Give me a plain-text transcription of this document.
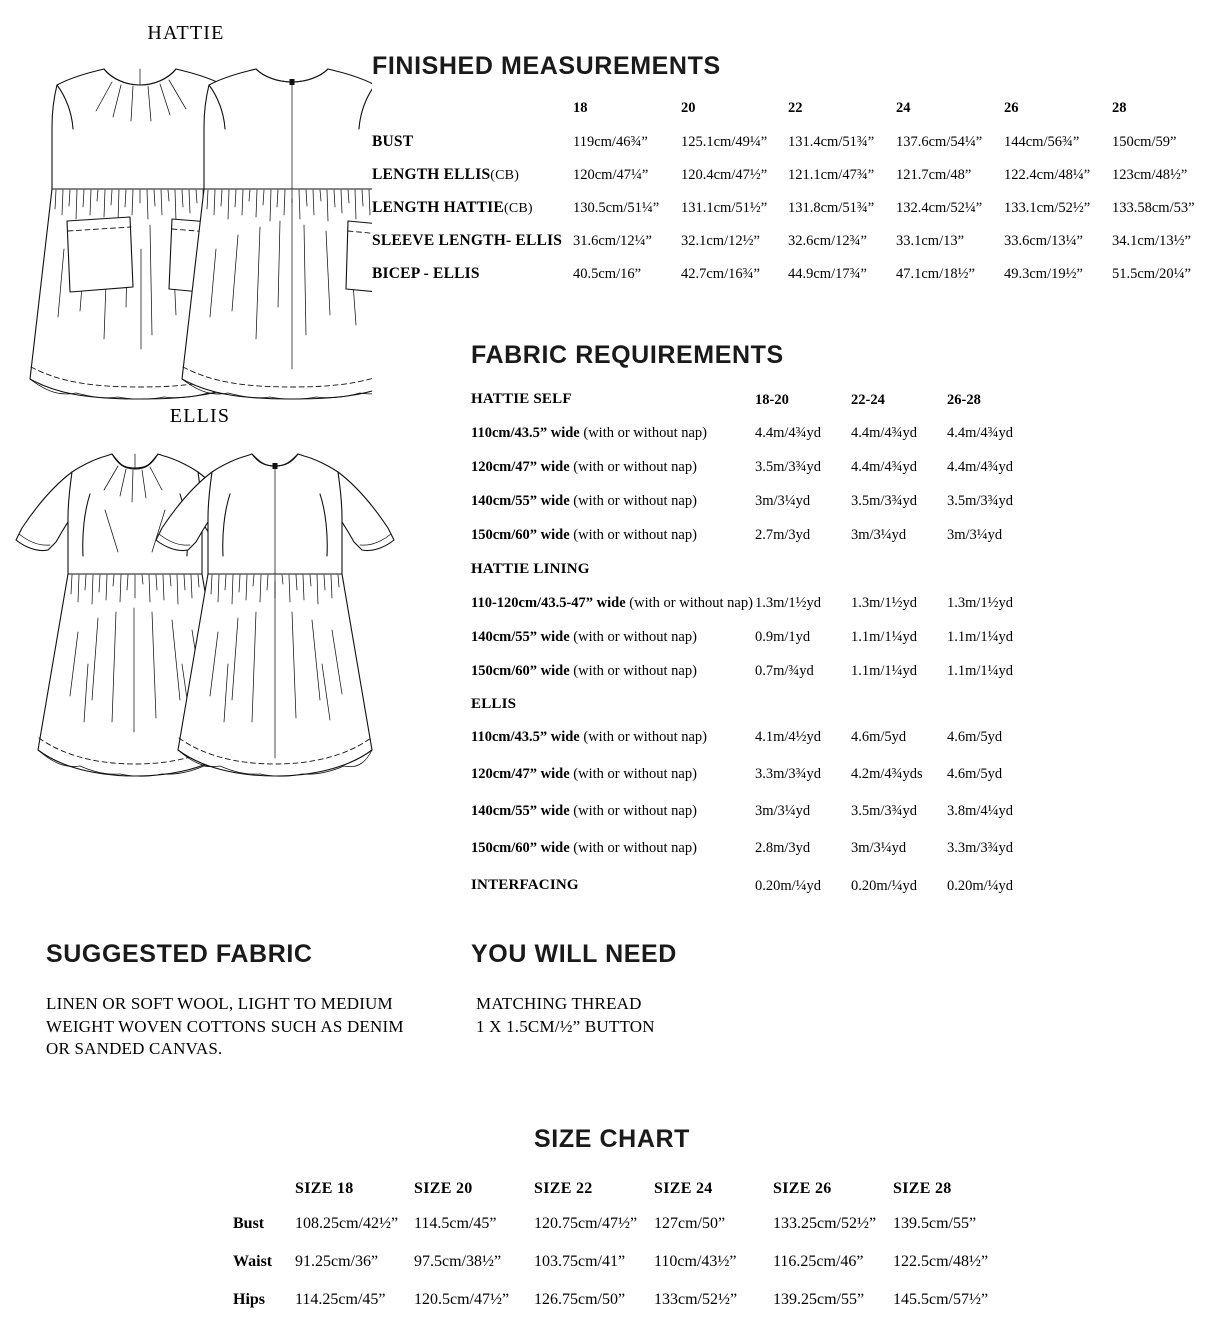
HATTIE
ELLIS
FINISHED MEASUREMENTS
18	20	22	24	26	28
BUST	119cm/46¾” 125.1cm/49¼” 131.4cm/51¾” 137.6cm/54¼” 144cm/56¾” 150cm/59”
LENGTH ELLIS(CB)	120cm/47¼” 120.4cm/47½” 121.1cm/47¾” 121.7cm/48” 122.4cm/48¼” 123cm/48½”
LENGTH HATTIE(CB)	130.5cm/51¼” 131.1cm/51½” 131.8cm/51¾” 132.4cm/52¼” 133.1cm/52½” 133.58cm/53”
SLEEVE LENGTH- ELLIS 31.6cm/12¼” 32.1cm/12½” 32.6cm/12¾” 33.1cm/13”	33.6cm/13¼” 34.1cm/13½”
BICEP - ELLIS	40.5cm/16”	42.7cm/16¾” 44.9cm/17¾” 47.1cm/18½” 49.3cm/19½” 51.5cm/20¼”
FABRIC REQUIREMENTS
HATTIE SELF	18-20	22-24	26-28
110cm/43.5” wide (with or without nap)	4.4m/4¾yd 4.4m/4¾yd 4.4m/4¾yd
120cm/47” wide (with or without nap)	3.5m/3¾yd 4.4m/4¾yd 4.4m/4¾yd
140cm/55” wide (with or without nap)	3m/3¼yd	3.5m/3¾yd 3.5m/3¾yd
150cm/60” wide (with or without nap)	2.7m/3yd	3m/3¼yd	3m/3¼yd
HATTIE LINING
110-120cm/43.5-47” wide (with or without nap) 1.3m/1½yd 1.3m/1½yd 1.3m/1½yd
140cm/55” wide (with or without nap)	0.9m/1yd	1.1m/1¼yd 1.1m/1¼yd
150cm/60” wide (with or without nap)	0.7m/¾yd	1.1m/1¼yd 1.1m/1¼yd
ELLIS
110cm/43.5” wide (with or without nap)	4.1m/4½yd 4.6m/5yd	4.6m/5yd
120cm/47” wide (with or without nap)	3.3m/3¾yd 4.2m/4¾yds 4.6m/5yd
140cm/55” wide (with or without nap)	3m/3¼yd	3.5m/3¾yd 3.8m/4¼yd
150cm/60” wide (with or without nap)	2.8m/3yd	3m/3¼yd	3.3m/3¾yd
INTERFACING	0.20m/¼yd 0.20m/¼yd 0.20m/¼yd
SUGGESTED FABRIC
LINEN OR SOFT WOOL, LIGHT TO MEDIUM
WEIGHT WOVEN COTTONS SUCH AS DENIM
OR SANDED CANVAS.
YOU WILL NEED
MATCHING THREAD
1 X 1.5CM/½” BUTTON
SIZE CHART
SIZE 18	SIZE 20	SIZE 22	SIZE 24	SIZE 26	SIZE 28
Bust 108.25cm/42½” 114.5cm/45” 120.75cm/47½” 127cm/50”	133.25cm/52½” 139.5cm/55”
Waist 91.25cm/36” 97.5cm/38½” 103.75cm/41” 110cm/43½” 116.25cm/46” 122.5cm/48½”
Hips 114.25cm/45” 120.5cm/47½” 126.75cm/50” 133cm/52½” 139.25cm/55” 145.5cm/57½”
